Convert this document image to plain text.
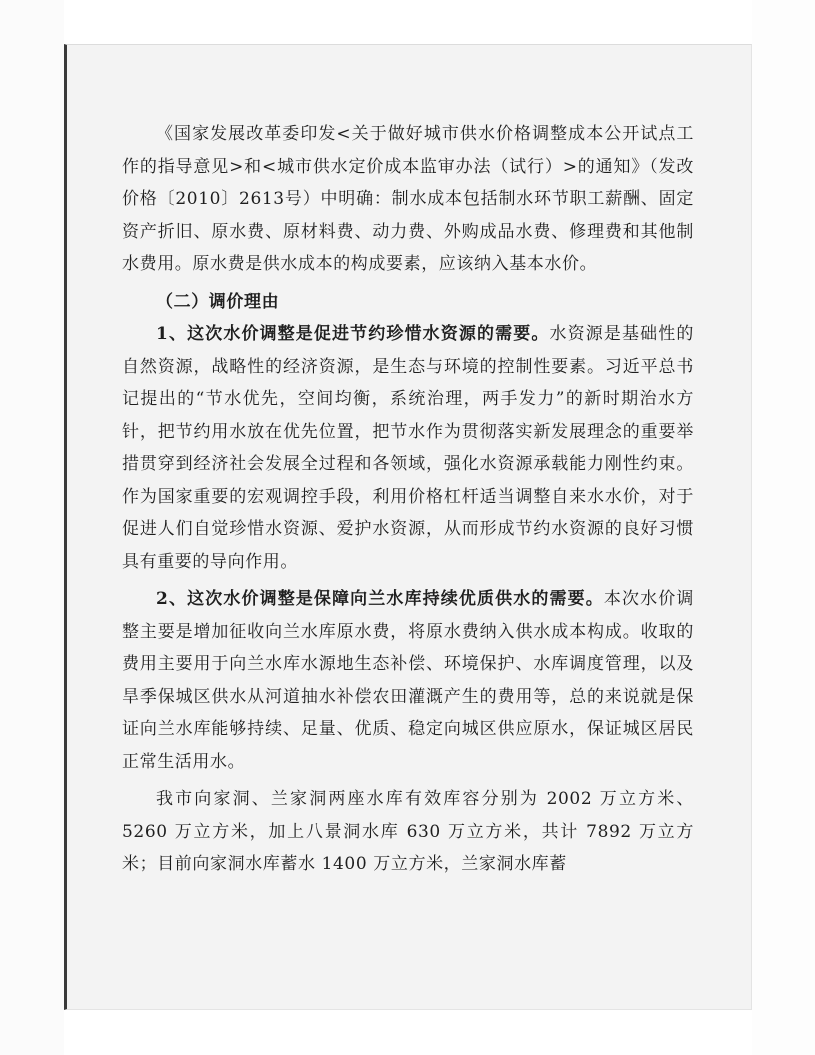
《国家发展改革委印发<关于做好城市供水价格调整成本公开试点工作的指导意见>和<城市供水定价成本监审办法（试行）>的通知》（发改价格〔2010〕2613号）中明确：制水成本包括制水环节职工薪酬、固定资产折旧、原水费、原材料费、动力费、外购成品水费、修理费和其他制水费用。原水费是供水成本的构成要素，应该纳入基本水价。

（二）调价理由

1、这次水价调整是促进节约珍惜水资源的需要。水资源是基础性的自然资源，战略性的经济资源，是生态与环境的控制性要素。习近平总书记提出的“节水优先，空间均衡，系统治理，两手发力”的新时期治水方针，把节约用水放在优先位置，把节水作为贯彻落实新发展理念的重要举措贯穿到经济社会发展全过程和各领域，强化水资源承载能力刚性约束。作为国家重要的宏观调控手段，利用价格杠杆适当调整自来水水价，对于促进人们自觉珍惜水资源、爱护水资源，从而形成节约水资源的良好习惯具有重要的导向作用。

2、这次水价调整是保障向兰水库持续优质供水的需要。本次水价调整主要是增加征收向兰水库原水费，将原水费纳入供水成本构成。收取的费用主要用于向兰水库水源地生态补偿、环境保护、水库调度管理，以及旱季保城区供水从河道抽水补偿农田灌溉产生的费用等，总的来说就是保证向兰水库能够持续、足量、优质、稳定向城区供应原水，保证城区居民正常生活用水。

我市向家洞、兰家洞两座水库有效库容分别为 2002 万立方米、5260 万立方米，加上八景洞水库 630 万立方米，共计 7892 万立方米；目前向家洞水库蓄水 1400 万立方米，兰家洞水库蓄
